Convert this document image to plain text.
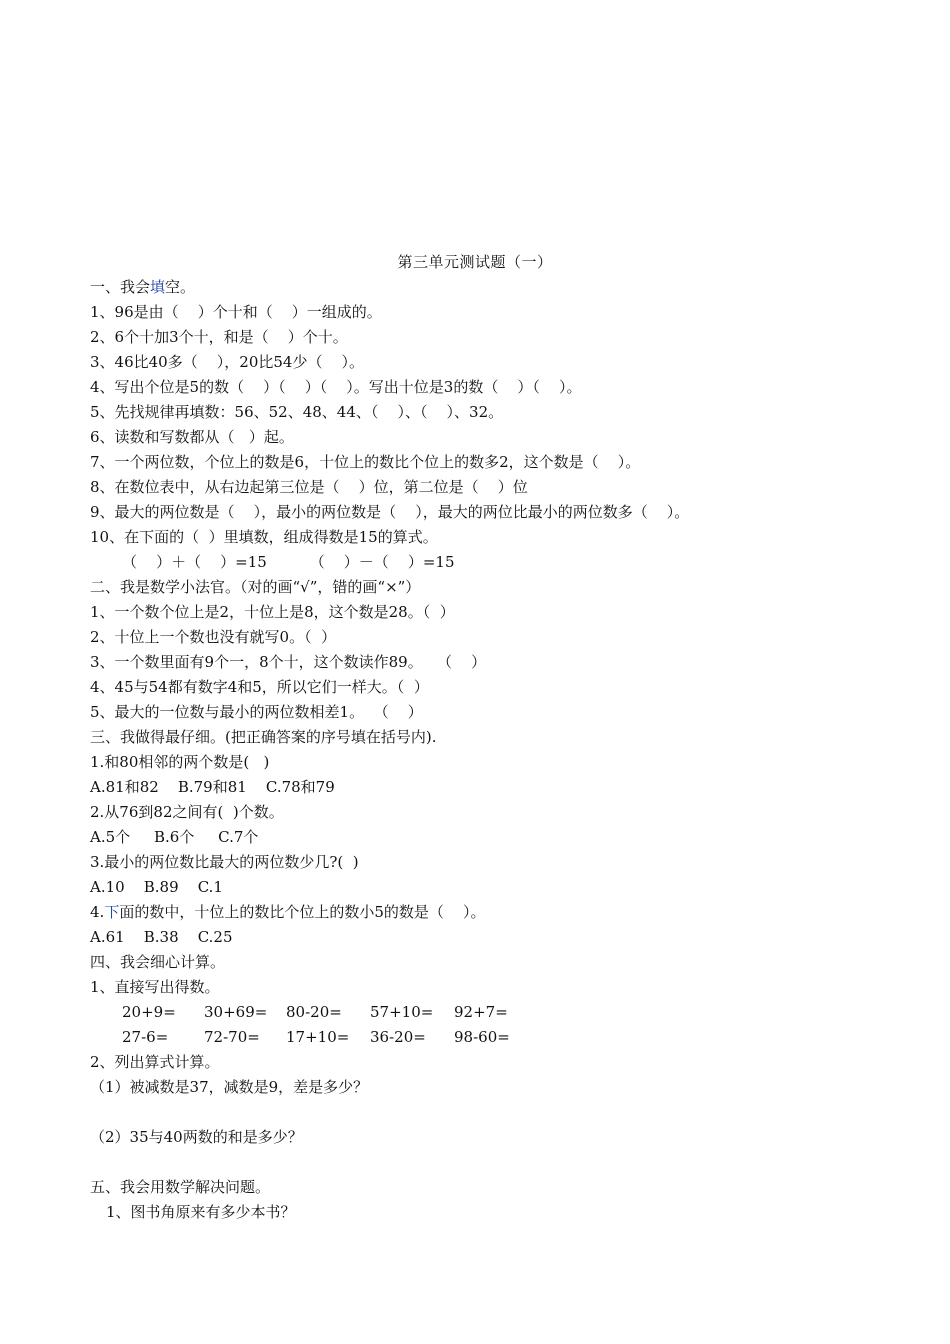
第三单元测试题（一）
一、我会填空。
1、96是由（    ）个十和（    ）一组成的。
2、6个十加3个十，和是（    ）个十。
3、46比40多（    ），20比54少（    ）。
4、写出个位是5的数（    ）（    ）（    ）。写出十位是3的数（    ）（    ）。
5、先找规律再填数：56、52、48、44、（    ）、（    ）、32。
6、读数和写数都从（   ）起。
7、一个两位数，个位上的数是6，十位上的数比个位上的数多2，这个数是（    ）。
8、在数位表中，从右边起第三位是（    ）位，第二位是（    ）位
9、最大的两位数是（    ），最小的两位数是（    ），最大的两位比最小的两位数多（    ）。
10、在下面的（  ）里填数，组成得数是15的算式。
（    ）＋（    ）=15         （    ）－（    ）=15
二、我是数学小法官。（对的画“√”，错的画“×”）
1、一个数个位上是2，十位上是8，这个数是28。（  ）
2、十位上一个数也没有就写0。（  ）
3、一个数里面有9个一，8个十，这个数读作89。   （    ）
4、45与54都有数字4和5，所以它们一样大。（  ）
5、最大的一位数与最小的两位数相差1。  （    ）
三、我做得最仔细。(把正确答案的序号填在括号内).
1.和80相邻的两个数是(   )
A.81和82    B.79和81    C.78和79
2.从76到82之间有(  )个数。
A.5个     B.6个     C.7个
3.最小的两位数比最大的两位数少几?(  )
A.10    B.89    C.1
4.下面的数中，十位上的数比个位上的数小5的数是（    ）。
A.61    B.38    C.25
四、我会细心计算。
1、直接写出得数。
20+9=	30+69=	80-20=	57+10=	92+7=
27-6=	72-70=	17+10=	36-20=	98-60=
2、列出算式计算。
（1）被减数是37，减数是9，差是多少？
（2）35与40两数的和是多少？
五、我会用数学解决问题。
1、图书角原来有多少本书？
